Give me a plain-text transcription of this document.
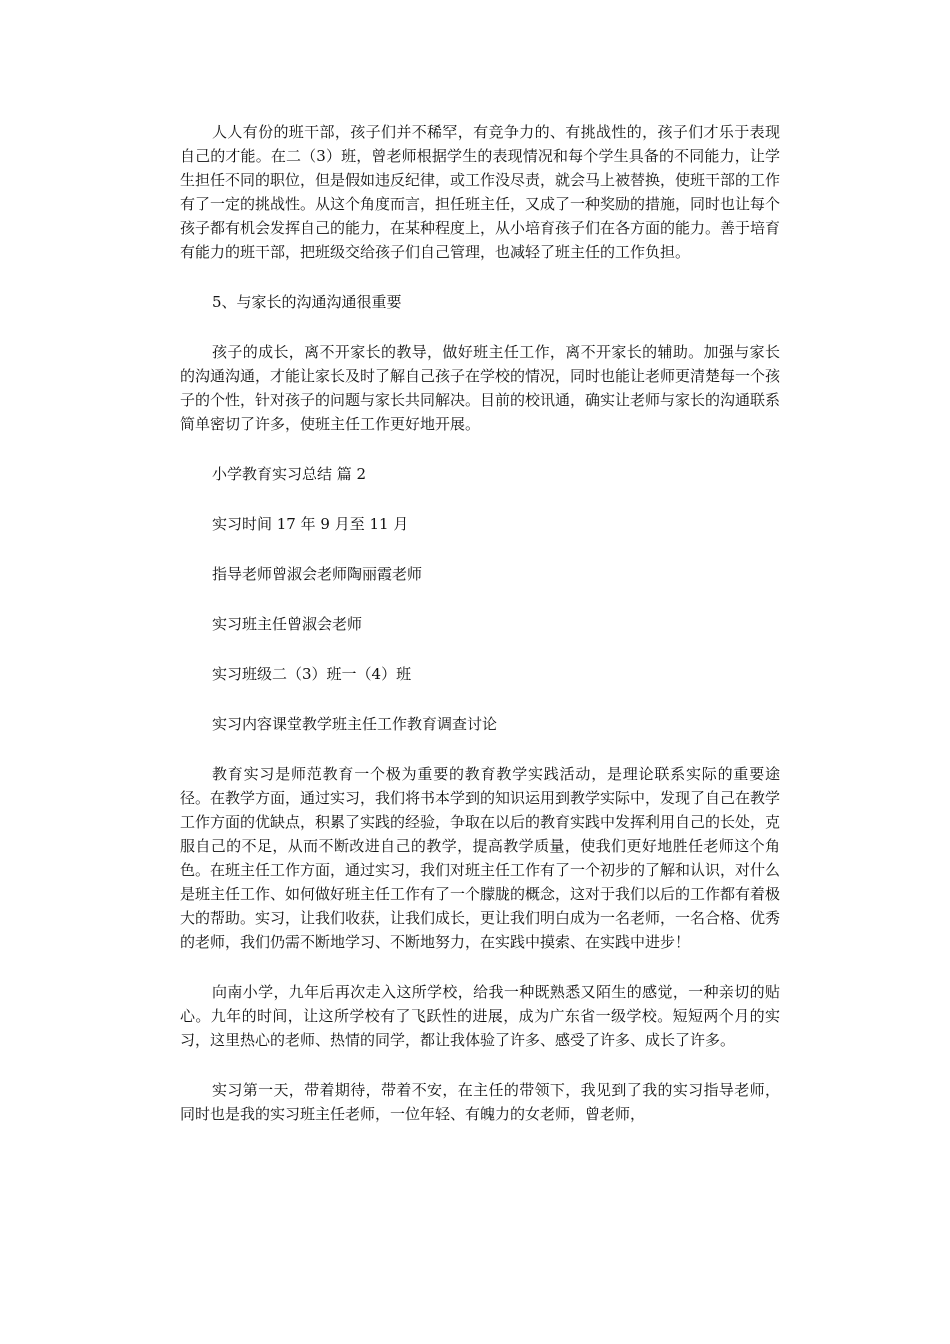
人人有份的班干部，孩子们并不稀罕，有竞争力的、有挑战性的，孩子们才乐于表现自己的才能。在二（3）班，曾老师根据学生的表现情况和每个学生具备的不同能力，让学生担任不同的职位，但是假如违反纪律，或工作没尽责，就会马上被替换，使班干部的工作有了一定的挑战性。从这个角度而言，担任班主任，又成了一种奖励的措施，同时也让每个孩子都有机会发挥自己的能力，在某种程度上，从小培育孩子们在各方面的能力。善于培育有能力的班干部，把班级交给孩子们自己管理，也减轻了班主任的工作负担。

5、与家长的沟通沟通很重要

孩子的成长，离不开家长的教导，做好班主任工作，离不开家长的辅助。加强与家长的沟通沟通，才能让家长及时了解自己孩子在学校的情况，同时也能让老师更清楚每一个孩子的个性，针对孩子的问题与家长共同解决。目前的校讯通，确实让老师与家长的沟通联系简单密切了许多，使班主任工作更好地开展。

小学教育实习总结 篇 2

实习时间 17 年 9 月至 11 月

指导老师曾淑会老师陶丽霞老师

实习班主任曾淑会老师

实习班级二（3）班一（4）班

实习内容课堂教学班主任工作教育调查讨论

教育实习是师范教育一个极为重要的教育教学实践活动，是理论联系实际的重要途径。在教学方面，通过实习，我们将书本学到的知识运用到教学实际中，发现了自己在教学工作方面的优缺点，积累了实践的经验，争取在以后的教育实践中发挥利用自己的长处，克服自己的不足，从而不断改进自己的教学，提高教学质量，使我们更好地胜任老师这个角色。在班主任工作方面，通过实习，我们对班主任工作有了一个初步的了解和认识，对什么是班主任工作、如何做好班主任工作有了一个朦胧的概念，这对于我们以后的工作都有着极大的帮助。实习，让我们收获，让我们成长，更让我们明白成为一名老师，一名合格、优秀的老师，我们仍需不断地学习、不断地努力，在实践中摸索、在实践中进步！

向南小学，九年后再次走入这所学校，给我一种既熟悉又陌生的感觉，一种亲切的贴心。九年的时间，让这所学校有了飞跃性的进展，成为广东省一级学校。短短两个月的实习，这里热心的老师、热情的同学，都让我体验了许多、感受了许多、成长了许多。

实习第一天，带着期待，带着不安，在主任的带领下，我见到了我的实习指导老师，同时也是我的实习班主任老师，一位年轻、有魄力的女老师，曾老师，
